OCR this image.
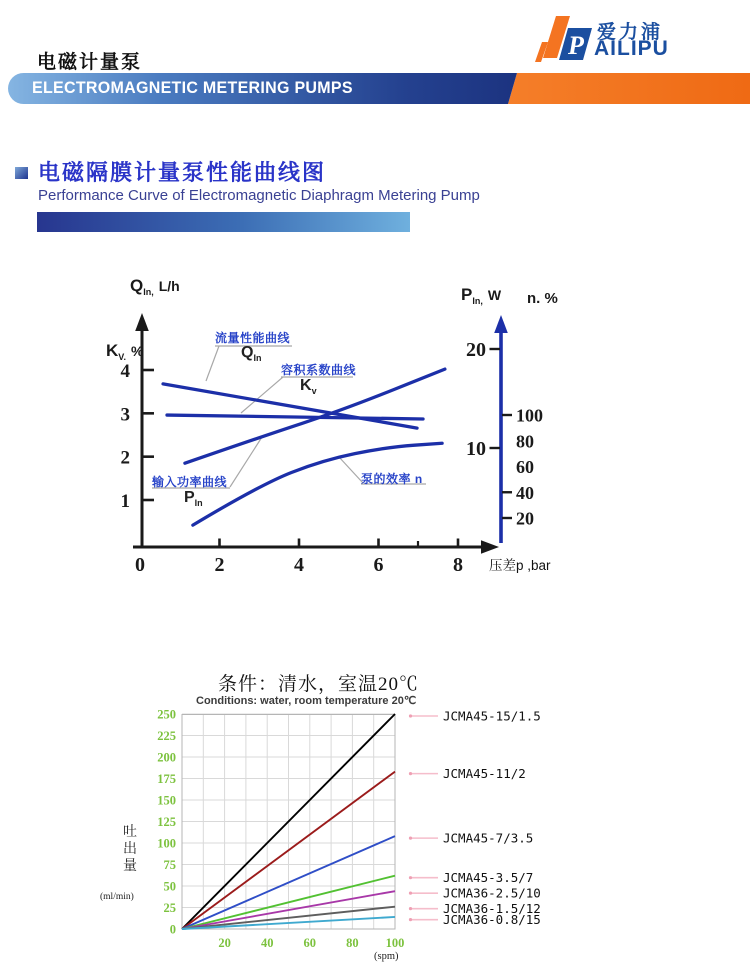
电磁计量泵
P 爱力浦
AILIPU
ELECTROMAGNETIC METERING PUMPS
电磁隔膜计量泵性能曲线图
Performance Curve of Electromagnetic Diaphragm Metering Pump
1
2
3
4
0	2	4	6	8
10
20
20
40
60
80
100
0
25
50
75
100
125
150
175
200
225
250
20 40 60 80 100
JCMA45-15/1.5
JCMA45-11/2
JCMA45-7/3.5
JCMA45-3.5/7
JCMA36-2.5/10
JCMA36-1.5/12
JCMA36-0.8/15
$Q_{In,}$ L/h
$K_{V.}$ %
$P_{In,}$ W n. %
压差p ,bar
流量性能曲线
$Q_{In}$
容积系数曲线
$K_v$
输入功率曲线
$P_{In}$
泵的效率 n
条件：清水，室温20℃
Conditions: water, room temperature 20℃
吐出量
(ml/min)
(spm)
